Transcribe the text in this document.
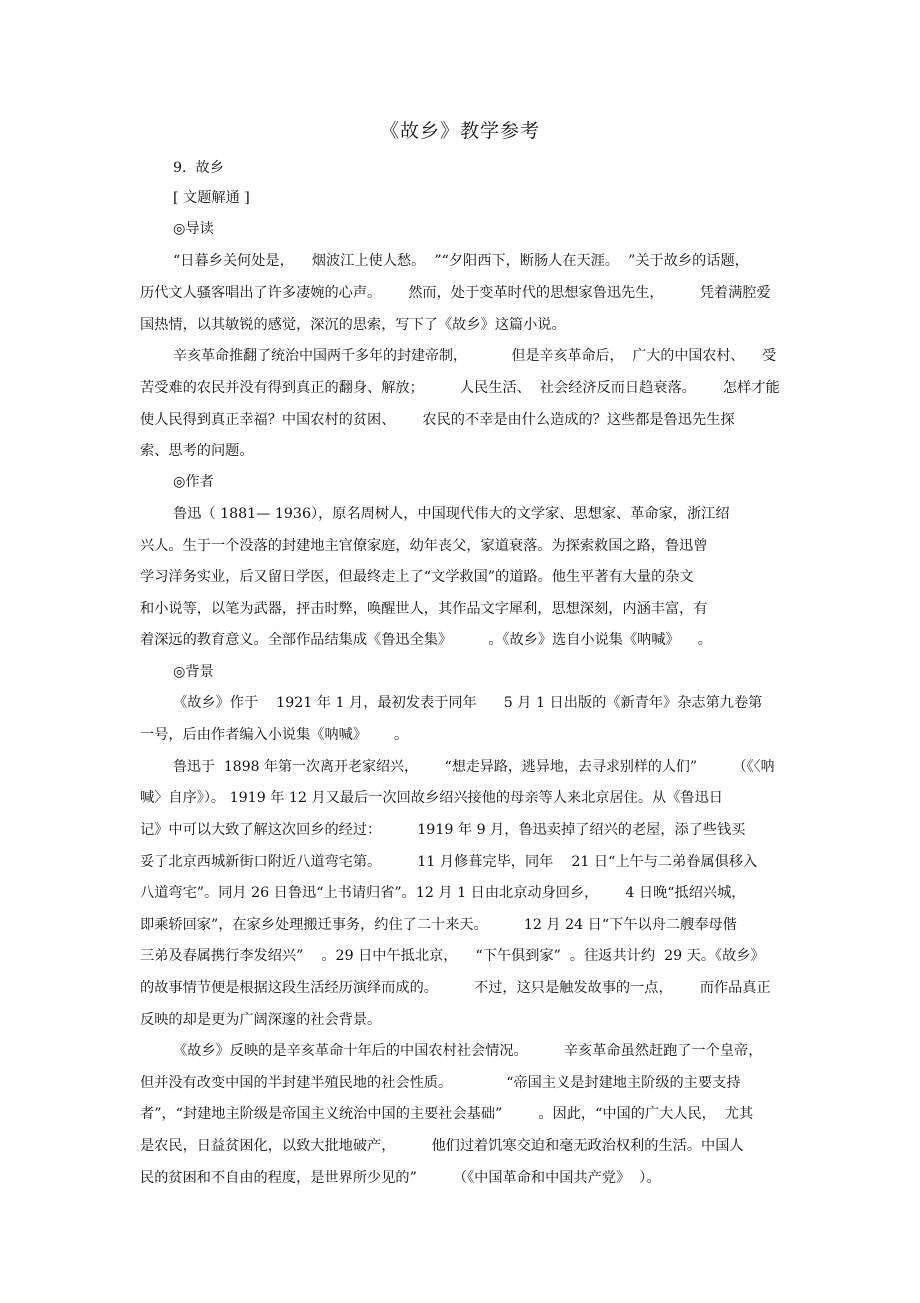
《故乡》教学参考

9.  故乡

[ 文题解通 ]

◎导读

“日暮乡关何处是，    烟波江上使人愁。  ”“夕阳西下，断肠人在天涯。  ”关于故乡的话题，

历代文人骚客唱出了许多凄婉的心声。      然而，处于变革时代的思想家鲁迅先生，        凭着满腔爱

国热情，以其敏锐的感觉，深沉的思索，写下了《故乡》这篇小说。

辛亥革命推翻了统治中国两千多年的封建帝制，          但是辛亥革命后，  广大的中国农村、    受

苦受难的农民并没有得到真正的翻身、解放；        人民生活、  社会经济反而日趋衰落。      怎样才能

使人民得到真正幸福？中国农村的贫困、      农民的不幸是由什么造成的？这些都是鲁迅先生探

索、思考的问题。

◎作者

鲁迅（ 1881— 1936），原名周树人，中国现代伟大的文学家、思想家、革命家，浙江绍

兴人。生于一个没落的封建地主官僚家庭，幼年丧父，家道衰落。为探索救国之路，鲁迅曾

学习洋务实业，后又留日学医，但最终走上了“文学救国”的道路。他生平著有大量的杂文

和小说等，以笔为武器，抨击时弊，唤醒世人，其作品文字犀利，思想深刻，内涵丰富，有

着深远的教育意义。全部作品结集成《鲁迅全集》        。《故乡》选自小说集《呐喊》    。

◎背景

《故乡》作于    1921 年 1 月，最初发表于同年      5 月 1 日出版的《新青年》杂志第九卷第

一号，后由作者编入小说集《呐喊》      。

鲁迅于  1898 年第一次离开老家绍兴，      “想走异路，逃异地，去寻求别样的人们”        （《〈呐

喊〉自序》）。 1919 年 12 月又最后一次回故乡绍兴接他的母亲等人来北京居住。从《鲁迅日

记》中可以大致了解这次回乡的经过：        1919 年 9 月，鲁迅卖掉了绍兴的老屋，添了些钱买

妥了北京西城新街口附近八道弯宅第。        11 月修葺完毕，同年    21 日“上午与二弟眷属俱移入

八道弯宅”。同月 26 日鲁迅“上书请归省”。12 月 1 日由北京动身回乡，      4 日晚“抵绍兴城，

即乘轿回家”，在家乡处理搬迁事务，约住了二十来天。        12 月 24 日“下午以舟二艘奉母偕

三弟及春属携行李发绍兴”    。29 日中午抵北京，    “下午俱到家”  。往返共计约  29 天。《故乡》

的故事情节便是根据这段生活经历演绎而成的。        不过，这只是触发故事的一点，      而作品真正

反映的却是更为广阔深邃的社会背景。

《故乡》反映的是辛亥革命十年后的中国农村社会情况。        辛亥革命虽然赶跑了一个皇帝，

但并没有改变中国的半封建半殖民地的社会性质。            “帝国主义是封建地主阶级的主要支持

者”，“封建地主阶级是帝国主义统治中国的主要社会基础”        。因此，“中国的广大人民，  尤其

是农民，日益贫困化，以致大批地破产，        他们过着饥寒交迫和毫无政治权利的生活。中国人

民的贫困和不自由的程度，是世界所少见的”        （《中国革命和中国共产党》  ）。
